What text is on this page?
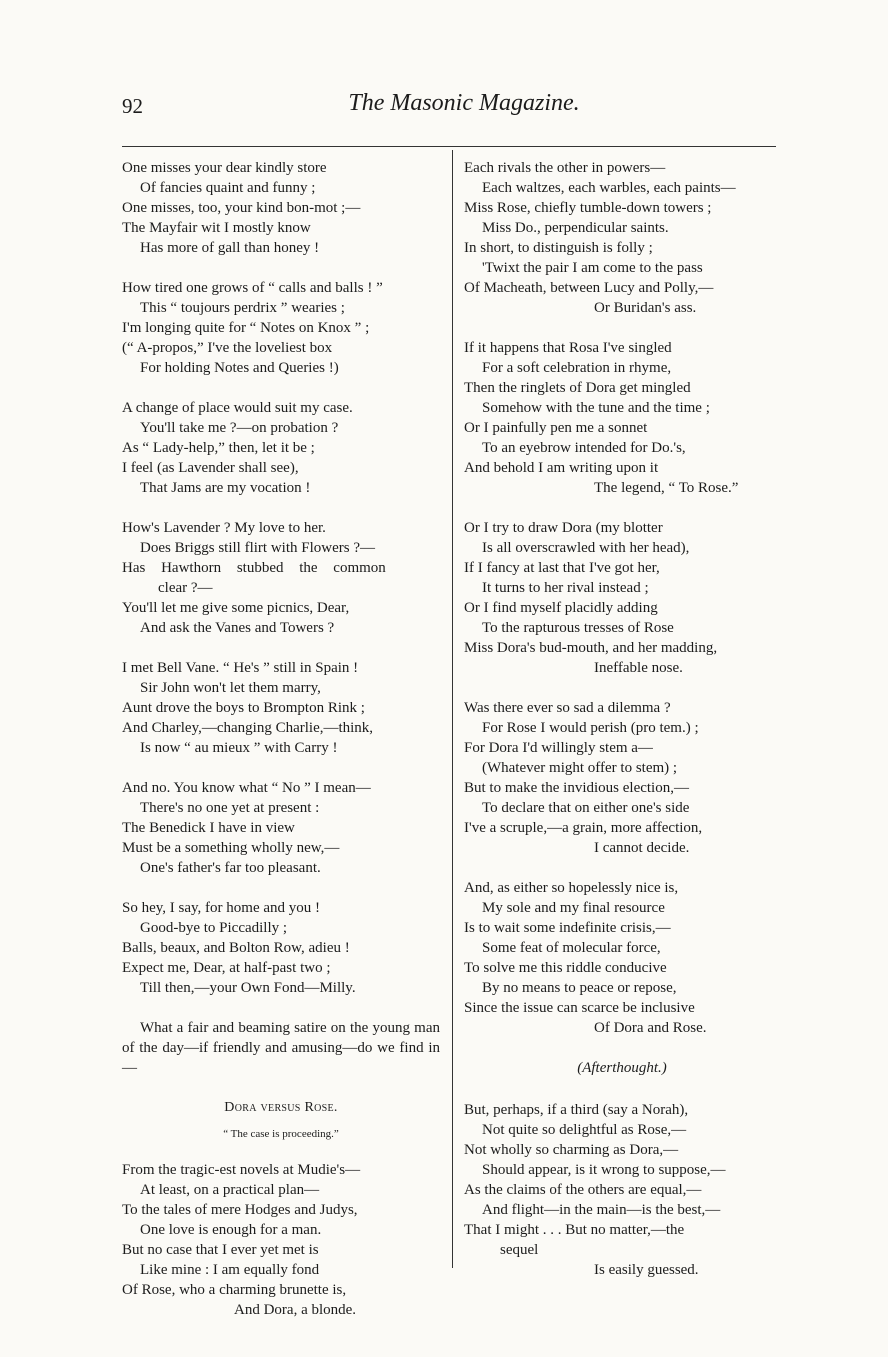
92	The Masonic Magazine.
One misses your dear kindly store
Of fancies quaint and funny ;
One misses, too, your kind bon-mot ;—
The Mayfair wit I mostly know
Has more of gall than honey !
How tired one grows of “ calls and balls ! ”
This “ toujours perdrix ” wearies ;
I'm longing quite for “ Notes on Knox ” ;
(“ A-propos,” I've the loveliest box
For holding Notes and Queries !)
A change of place would suit my case.
You'll take me ?—on probation ?
As “ Lady-help,” then, let it be ;
I feel (as Lavender shall see),
That Jams are my vocation !
How's Lavender ? My love to her.
Does Briggs still flirt with Flowers ?—
Has Hawthorn stubbed the common
clear ?—
You'll let me give some picnics, Dear,
And ask the Vanes and Towers ?
I met Bell Vane. “ He's ” still in Spain !
Sir John won't let them marry,
Aunt drove the boys to Brompton Rink ;
And Charley,—changing Charlie,—think,
Is now “ au mieux ” with Carry !
And no. You know what “ No ” I mean—
There's no one yet at present :
The Benedick I have in view
Must be a something wholly new,—
One's father's far too pleasant.
So hey, I say, for home and you !
Good-bye to Piccadilly ;
Balls, beaux, and Bolton Row, adieu !
Expect me, Dear, at half-past two ;
Till then,—your Own Fond—Milly.

What a fair and beaming satire on the young man of the day—if friendly and amusing—do we find in—

Dora versus Rose.
“ The case is proceeding.”
From the tragic-est novels at Mudie's—
At least, on a practical plan—
To the tales of mere Hodges and Judys,
One love is enough for a man.
But no case that I ever yet met is
Like mine : I am equally fond
Of Rose, who a charming brunette is,
And Dora, a blonde.
Each rivals the other in powers—
Each waltzes, each warbles, each paints—
Miss Rose, chiefly tumble-down towers ;
Miss Do., perpendicular saints.
In short, to distinguish is folly ;
'Twixt the pair I am come to the pass
Of Macheath, between Lucy and Polly,—
Or Buridan's ass.
If it happens that Rosa I've singled
For a soft celebration in rhyme,
Then the ringlets of Dora get mingled
Somehow with the tune and the time ;
Or I painfully pen me a sonnet
To an eyebrow intended for Do.'s,
And behold I am writing upon it
The legend, “ To Rose.”
Or I try to draw Dora (my blotter
Is all overscrawled with her head),
If I fancy at last that I've got her,
It turns to her rival instead ;
Or I find myself placidly adding
To the rapturous tresses of Rose
Miss Dora's bud-mouth, and her madding,
Ineffable nose.
Was there ever so sad a dilemma ?
For Rose I would perish (pro tem.) ;
For Dora I'd willingly stem a—
(Whatever might offer to stem) ;
But to make the invidious election,—
To declare that on either one's side
I've a scruple,—a grain, more affection,
I cannot decide.
And, as either so hopelessly nice is,
My sole and my final resource
Is to wait some indefinite crisis,—
Some feat of molecular force,
To solve me this riddle conducive
By no means to peace or repose,
Since the issue can scarce be inclusive
Of Dora and Rose.
(Afterthought.)
But, perhaps, if a third (say a Norah),
Not quite so delightful as Rose,—
Not wholly so charming as Dora,—
Should appear, is it wrong to suppose,—
As the claims of the others are equal,—
And flight—in the main—is the best,—
That I might . . . But no matter,—the
sequel
Is easily guessed.
